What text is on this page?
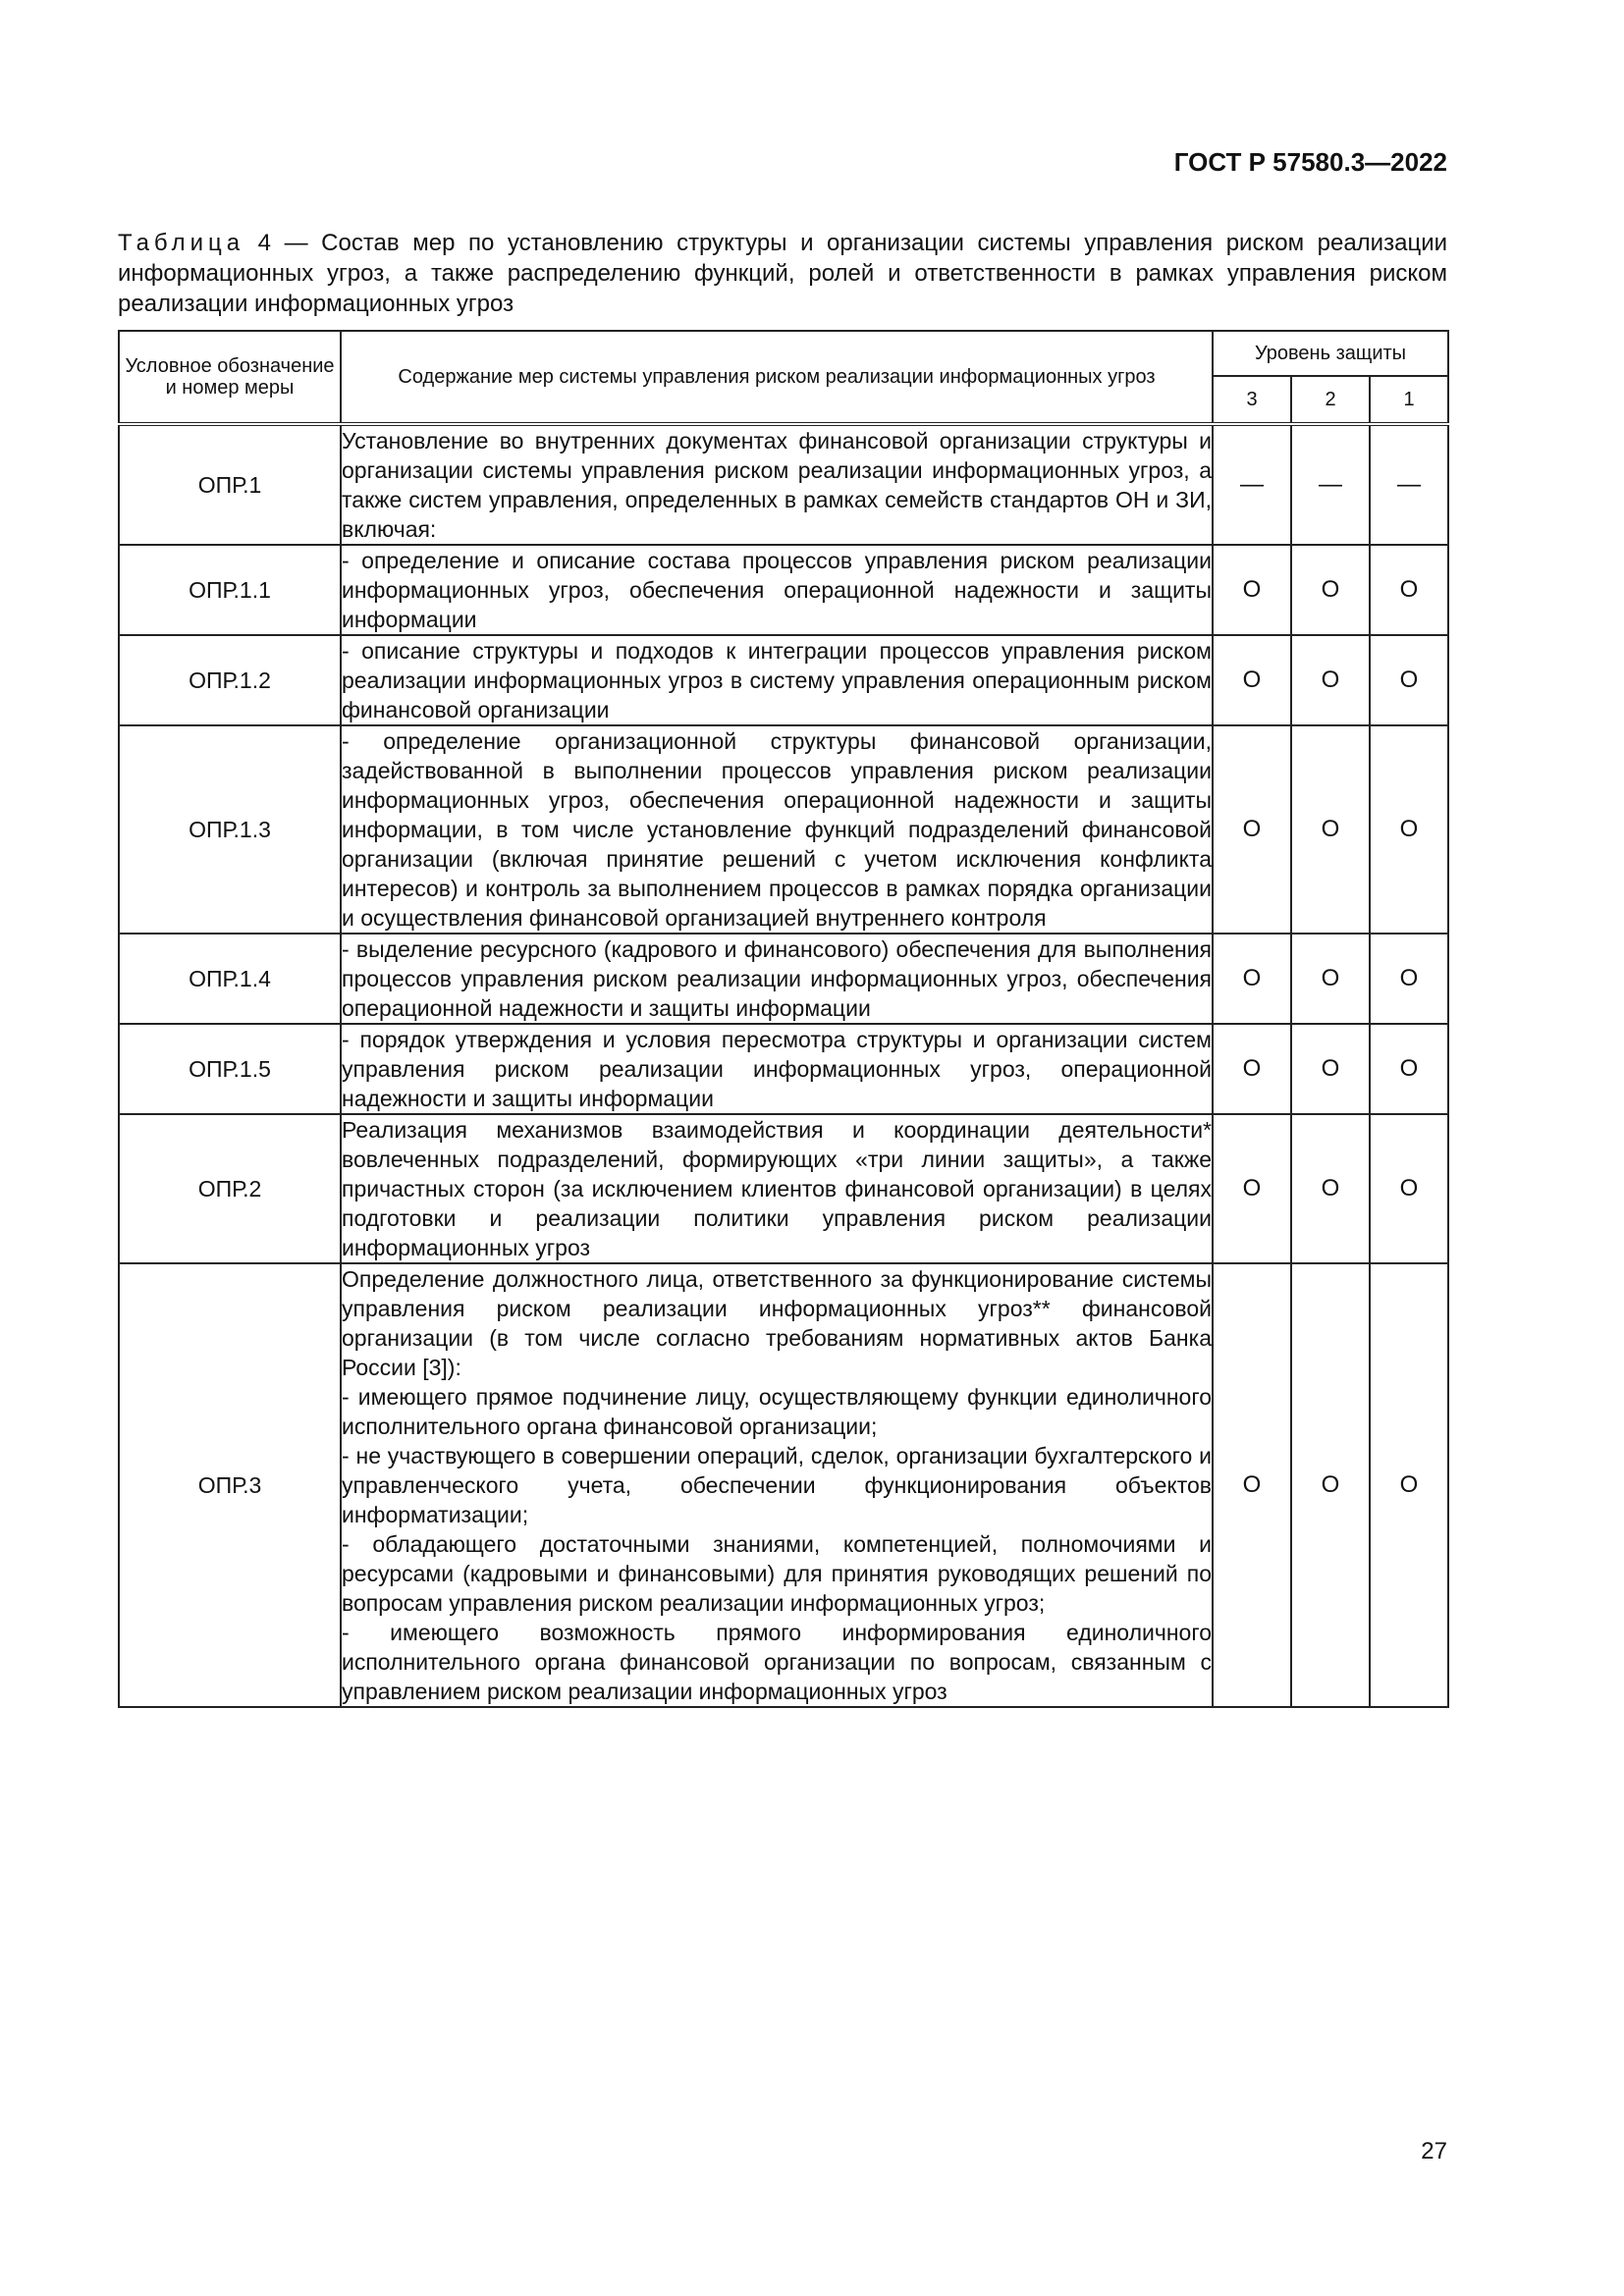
ГОСТ Р 57580.3—2022
Таблица 4 — Состав мер по установлению структуры и организации системы управления риском реализации информационных угроз, а также распределению функций, ролей и ответственности в рамках управления риском реализации информационных угроз
Условное обозначение и номер меры	Содержание мер системы управления риском реализации информационных угроз	Уровень защиты		
		3	2	1
ОПР.1	Установление во внутренних документах финансовой организации структуры и организации системы управления риском реализации информационных угроз, а также систем управления, определенных в рамках семейств стандартов ОН и ЗИ, включая:	—	—	—
ОПР.1.1	- определение и описание состава процессов управления риском реализации информационных угроз, обеспечения операционной надежности и защиты информации	О	О	О
ОПР.1.2	- описание структуры и подходов к интеграции процессов управления риском реализации информационных угроз в систему управления операционным риском финансовой организации	О	О	О
ОПР.1.3	- определение организационной структуры финансовой организации, задействованной в выполнении процессов управления риском реализации информационных угроз, обеспечения операционной надежности и защиты информации, в том числе установление функций подразделений финансовой организации (включая принятие решений с учетом исключения конфликта интересов) и контроль за выполнением процессов в рамках порядка организации и осуществления финансовой организацией внутреннего контроля	О	О	О
ОПР.1.4	- выделение ресурсного (кадрового и финансового) обеспечения для выполнения процессов управления риском реализации информационных угроз, обеспечения операционной надежности и защиты информации	О	О	О
ОПР.1.5	- порядок утверждения и условия пересмотра структуры и организации систем управления риском реализации информационных угроз, операционной надежности и защиты информации	О	О	О
ОПР.2	Реализация механизмов взаимодействия и координации деятельности* вовлеченных подразделений, формирующих «три линии защиты», а также причастных сторон (за исключением клиентов финансовой организации) в целях подготовки и реализации политики управления риском реализации информационных угроз	О	О	О
ОПР.3	Определение должностного лица, ответственного за функционирование системы управления риском реализации информационных угроз** финансовой организации (в том числе согласно требованиям нормативных актов Банка России [3]):
- имеющего прямое подчинение лицу, осуществляющему функции единоличного исполнительного органа финансовой организации;
- не участвующего в совершении операций, сделок, организации бухгалтерского и управленческого учета, обеспечении функционирования объектов информатизации;
- обладающего достаточными знаниями, компетенцией, полномочиями и ресурсами (кадровыми и финансовыми) для принятия руководящих решений по вопросам управления риском реализации информационных угроз;
- имеющего возможность прямого информирования единоличного исполнительного органа финансовой организации по вопросам, связанным с управлением риском реализации информационных угроз	О	О	О
27
